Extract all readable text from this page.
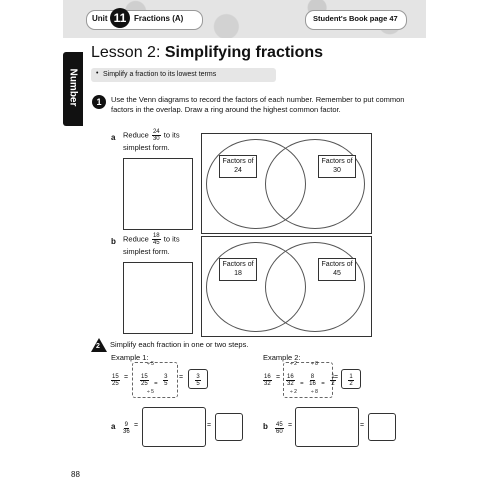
Unit 11 Fractions (A)	Student's Book page 47
Number
Lesson 2: Simplifying fractions
• Simplify a fraction to its lowest terms
1	Use the Venn diagrams to record the factors of each number. Remember to put common factors in the overlap. Draw a ring around the highest common factor.
a Reduce $\frac{24}{30}$ to its
simplest form.
Factors of 24
Factors of 30
b Reduce $\frac{18}{45}$ to its
simplest form.
Factors of 18
Factors of 45
2 Simplify each fraction in one or two steps.
Example 1:
$\frac{15}{25}$ =
÷ 5
$\frac{15}{25} = \frac{3}{5}$
÷ 5
= $\frac{3}{5}$
Example 2:
$\frac{16}{32}$ =
÷ 2	÷ 8
$\frac{16}{32} = \frac{8}{16} = \frac{1}{2}$
÷ 2	÷ 8
= $\frac{1}{2}$
a $\frac{9}{36}$ =	=	b $\frac{45}{60}$ =	=
88
